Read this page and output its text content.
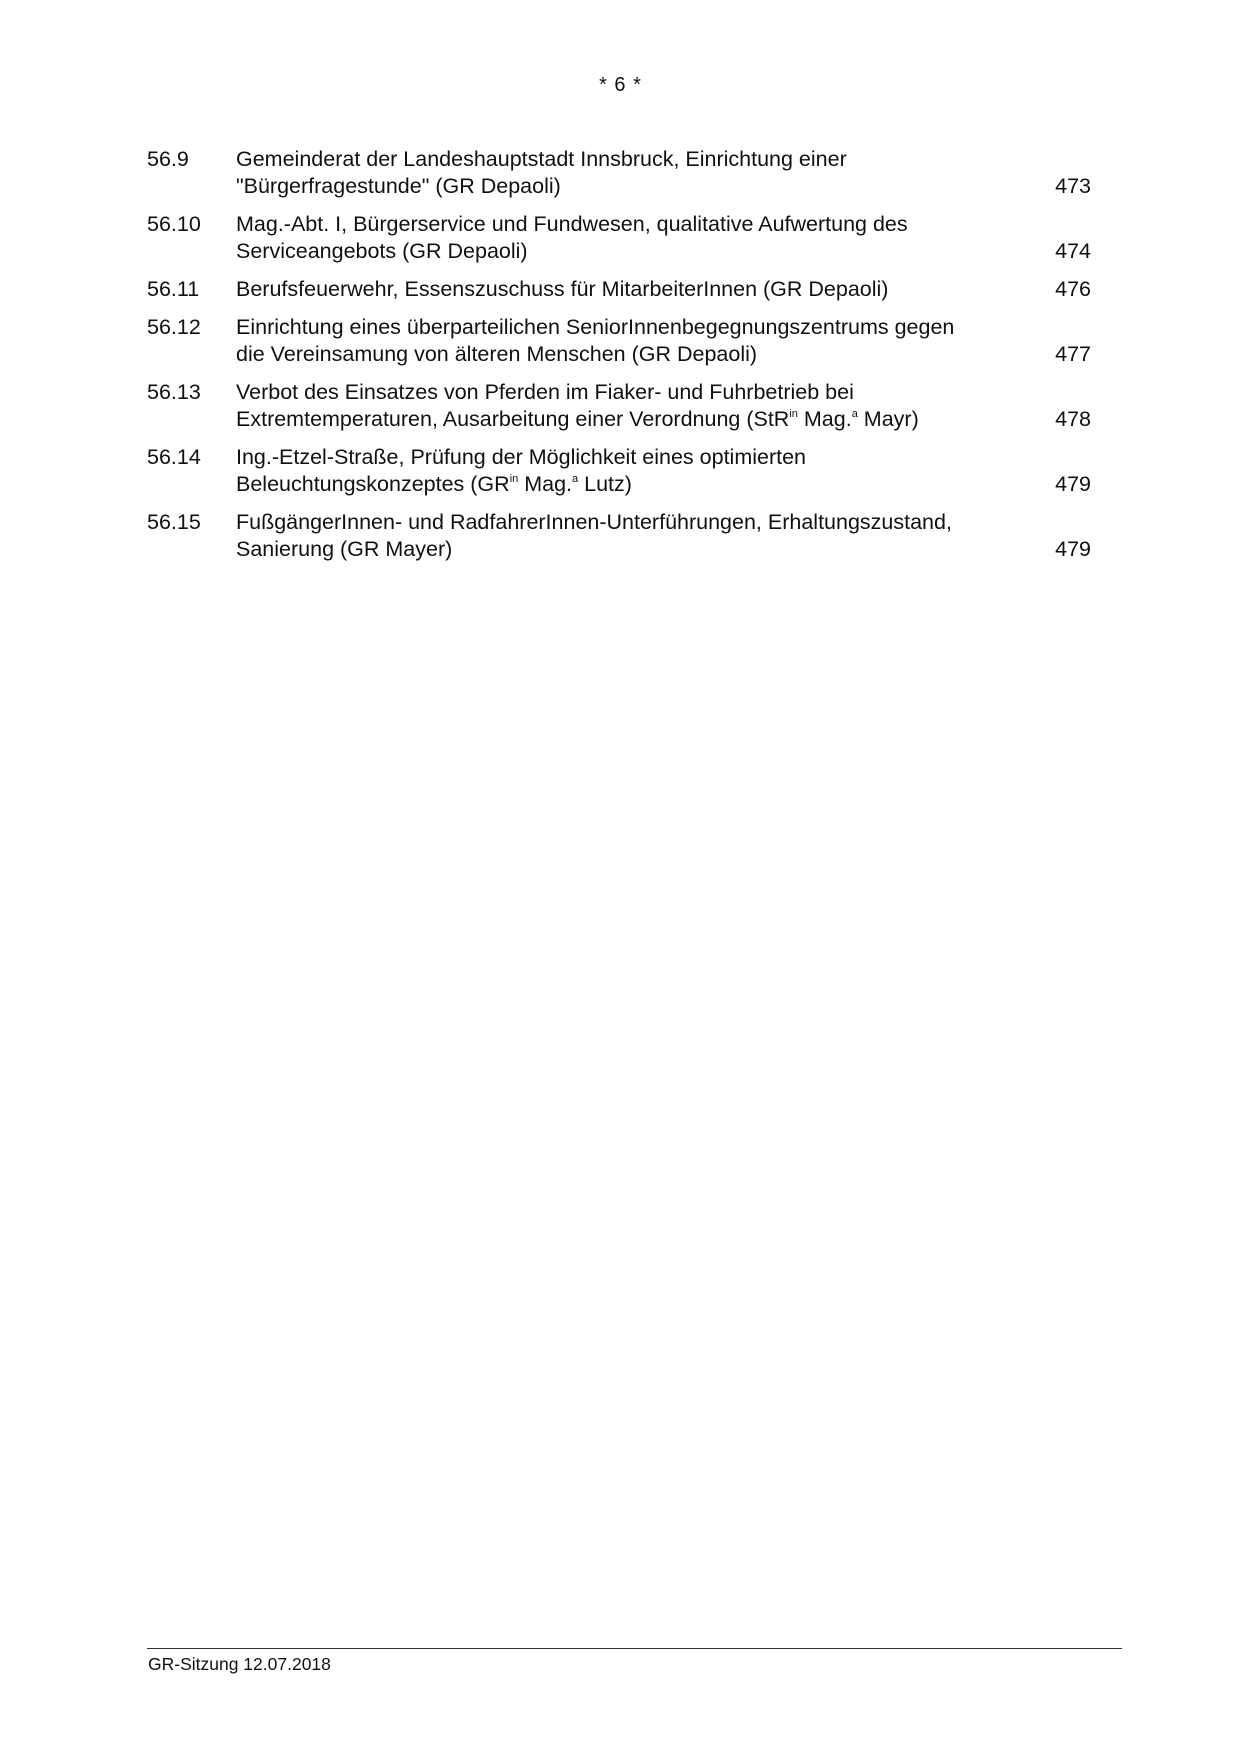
* 6 *
56.9	Gemeinderat der Landeshauptstadt Innsbruck, Einrichtung einer
"Bürgerfragestunde" (GR Depaoli)	473
56.10	Mag.-Abt. I, Bürgerservice und Fundwesen, qualitative Aufwertung des
Serviceangebots (GR Depaoli)	474
56.11	Berufsfeuerwehr, Essenszuschuss für MitarbeiterInnen (GR Depaoli)	476
56.12	Einrichtung eines überparteilichen SeniorInnenbegegnungszentrums gegen
die Vereinsamung von älteren Menschen (GR Depaoli)	477
56.13	Verbot des Einsatzes von Pferden im Fiaker- und Fuhrbetrieb bei
Extremtemperaturen, Ausarbeitung einer Verordnung (StR$^{in}$ Mag.$^a$ Mayr)	478
56.14	Ing.-Etzel-Straße, Prüfung der Möglichkeit eines optimierten
Beleuchtungskonzeptes ($GR^{in}$ Mag.$^a$ Lutz)	479
56.15	FußgängerInnen- und RadfahrerInnen-Unterführungen, Erhaltungszustand,
Sanierung (GR Mayer)	479
GR-Sitzung 12.07.2018
